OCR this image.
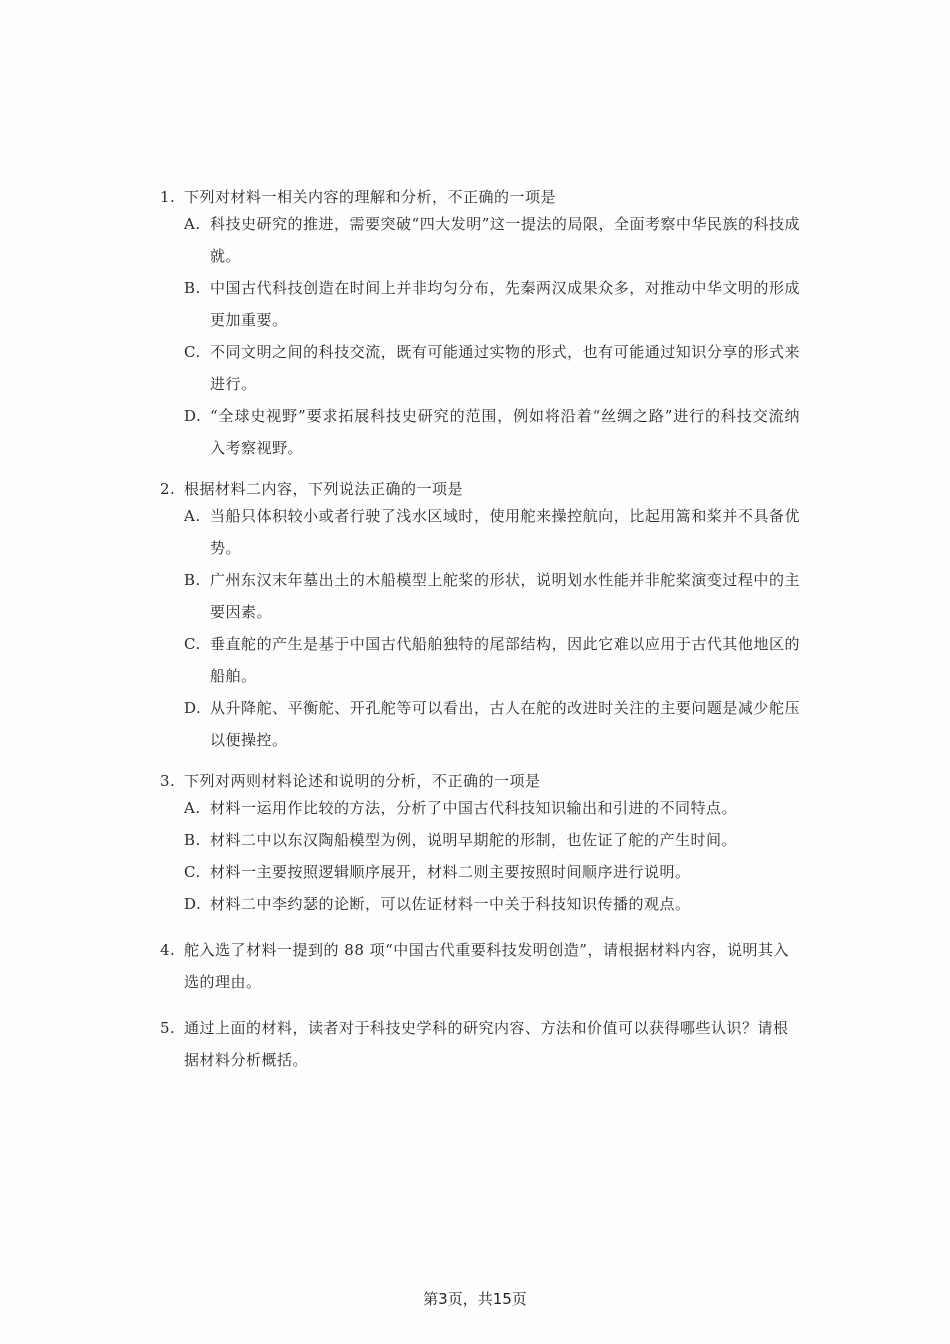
1. 下列对材料一相关内容的理解和分析，不正确的一项是
A. 科技史研究的推进，需要突破“四大发明”这一提法的局限，全面考察中华民族的科技成就。
B. 中国古代科技创造在时间上并非均匀分布，先秦两汉成果众多，对推动中华文明的形成更加重要。
C. 不同文明之间的科技交流，既有可能通过实物的形式，也有可能通过知识分享的形式来进行。
D. “全球史视野”要求拓展科技史研究的范围，例如将沿着“丝绸之路”进行的科技交流纳入考察视野。
2. 根据材料二内容，下列说法正确的一项是
A. 当船只体积较小或者行驶了浅水区域时，使用舵来操控航向，比起用篙和桨并不具备优势。
B. 广州东汉末年墓出土的木船模型上舵桨的形状，说明划水性能并非舵桨演变过程中的主要因素。
C. 垂直舵的产生是基于中国古代船舶独特的尾部结构，因此它难以应用于古代其他地区的船舶。
D. 从升降舵、平衡舵、开孔舵等可以看出，古人在舵的改进时关注的主要问题是减少舵压以便操控。
3. 下列对两则材料论述和说明的分析，不正确的一项是
A. 材料一运用作比较的方法，分析了中国古代科技知识输出和引进的不同特点。
B. 材料二中以东汉陶船模型为例，说明早期舵的形制，也佐证了舵的产生时间。
C. 材料一主要按照逻辑顺序展开，材料二则主要按照时间顺序进行说明。
D. 材料二中李约瑟的论断，可以佐证材料一中关于科技知识传播的观点。
4. 舵入选了材料一提到的 88 项“中国古代重要科技发明创造”，请根据材料内容，说明其入选的理由。
5. 通过上面的材料，读者对于科技史学科的研究内容、方法和价值可以获得哪些认识？请根据材料分析概括。
第3页，共15页
